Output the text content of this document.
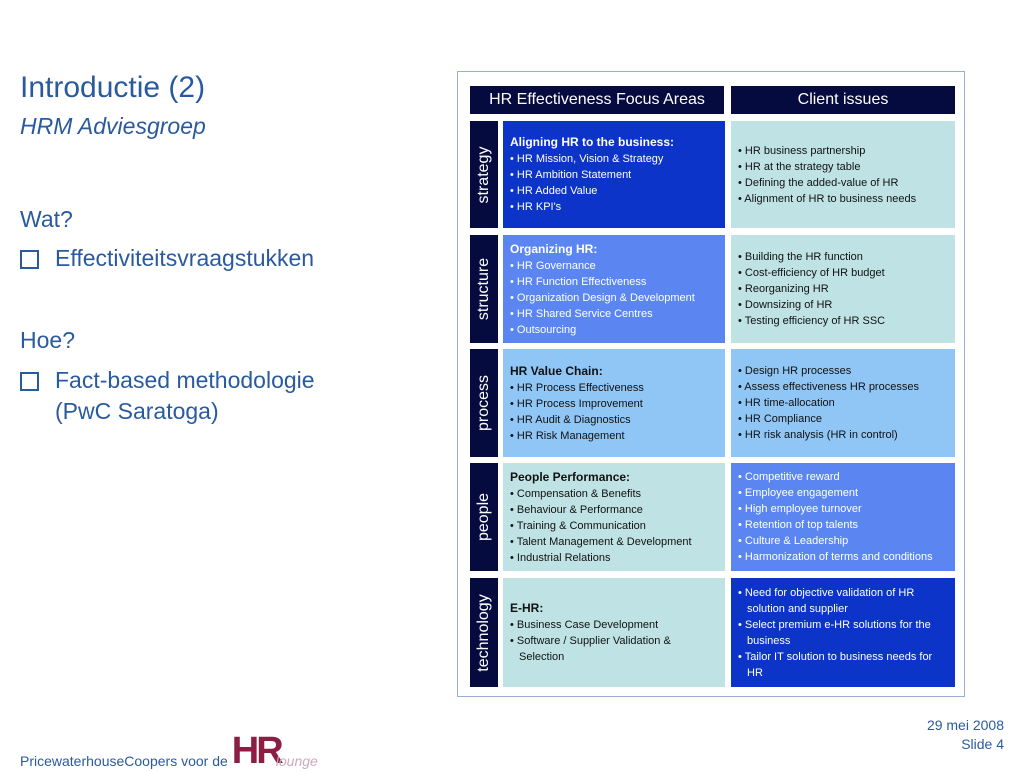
Introductie (2)
HRM Adviesgroep
Wat?
Effectiviteitsvraagstukken
Hoe?
Fact-based methodologie
(PwC Saratoga)
HR Effectiveness Focus Areas	Client issues
strategy
Aligning HR to the business:
• HR Mission, Vision & Strategy
• HR Ambition Statement
• HR Added Value
• HR KPI's
• HR business partnership
• HR at the strategy table
• Defining the added-value of HR
• Alignment of HR to business needs
structure
Organizing HR:
• HR Governance
• HR Function Effectiveness
• Organization Design & Development
• HR Shared Service Centres
• Outsourcing
• Building the HR function
• Cost-efficiency of HR budget
• Reorganizing HR
• Downsizing of HR
• Testing efficiency of HR SSC
process
HR Value Chain:
• HR Process Effectiveness
• HR Process Improvement
• HR Audit & Diagnostics
• HR Risk Management
• Design HR processes
• Assess effectiveness HR processes
• HR time-allocation
• HR Compliance
• HR risk analysis (HR in control)
people
People Performance:
• Compensation & Benefits
• Behaviour & Performance
• Training & Communication
• Talent Management & Development
• Industrial Relations
• Competitive reward
• Employee engagement
• High employee turnover
• Retention of top talents
• Culture & Leadership
• Harmonization of terms and conditions
technology E-HR:
• Business Case Development
• Software / Supplier Validation & Selection
• Need for objective validation of HR solution and supplier
• Select premium e-HR solutions for the business
• Tailor IT solution to business needs for HR
PricewaterhouseCoopers voor de HR
lounge
29 mei 2008
Slide 4
